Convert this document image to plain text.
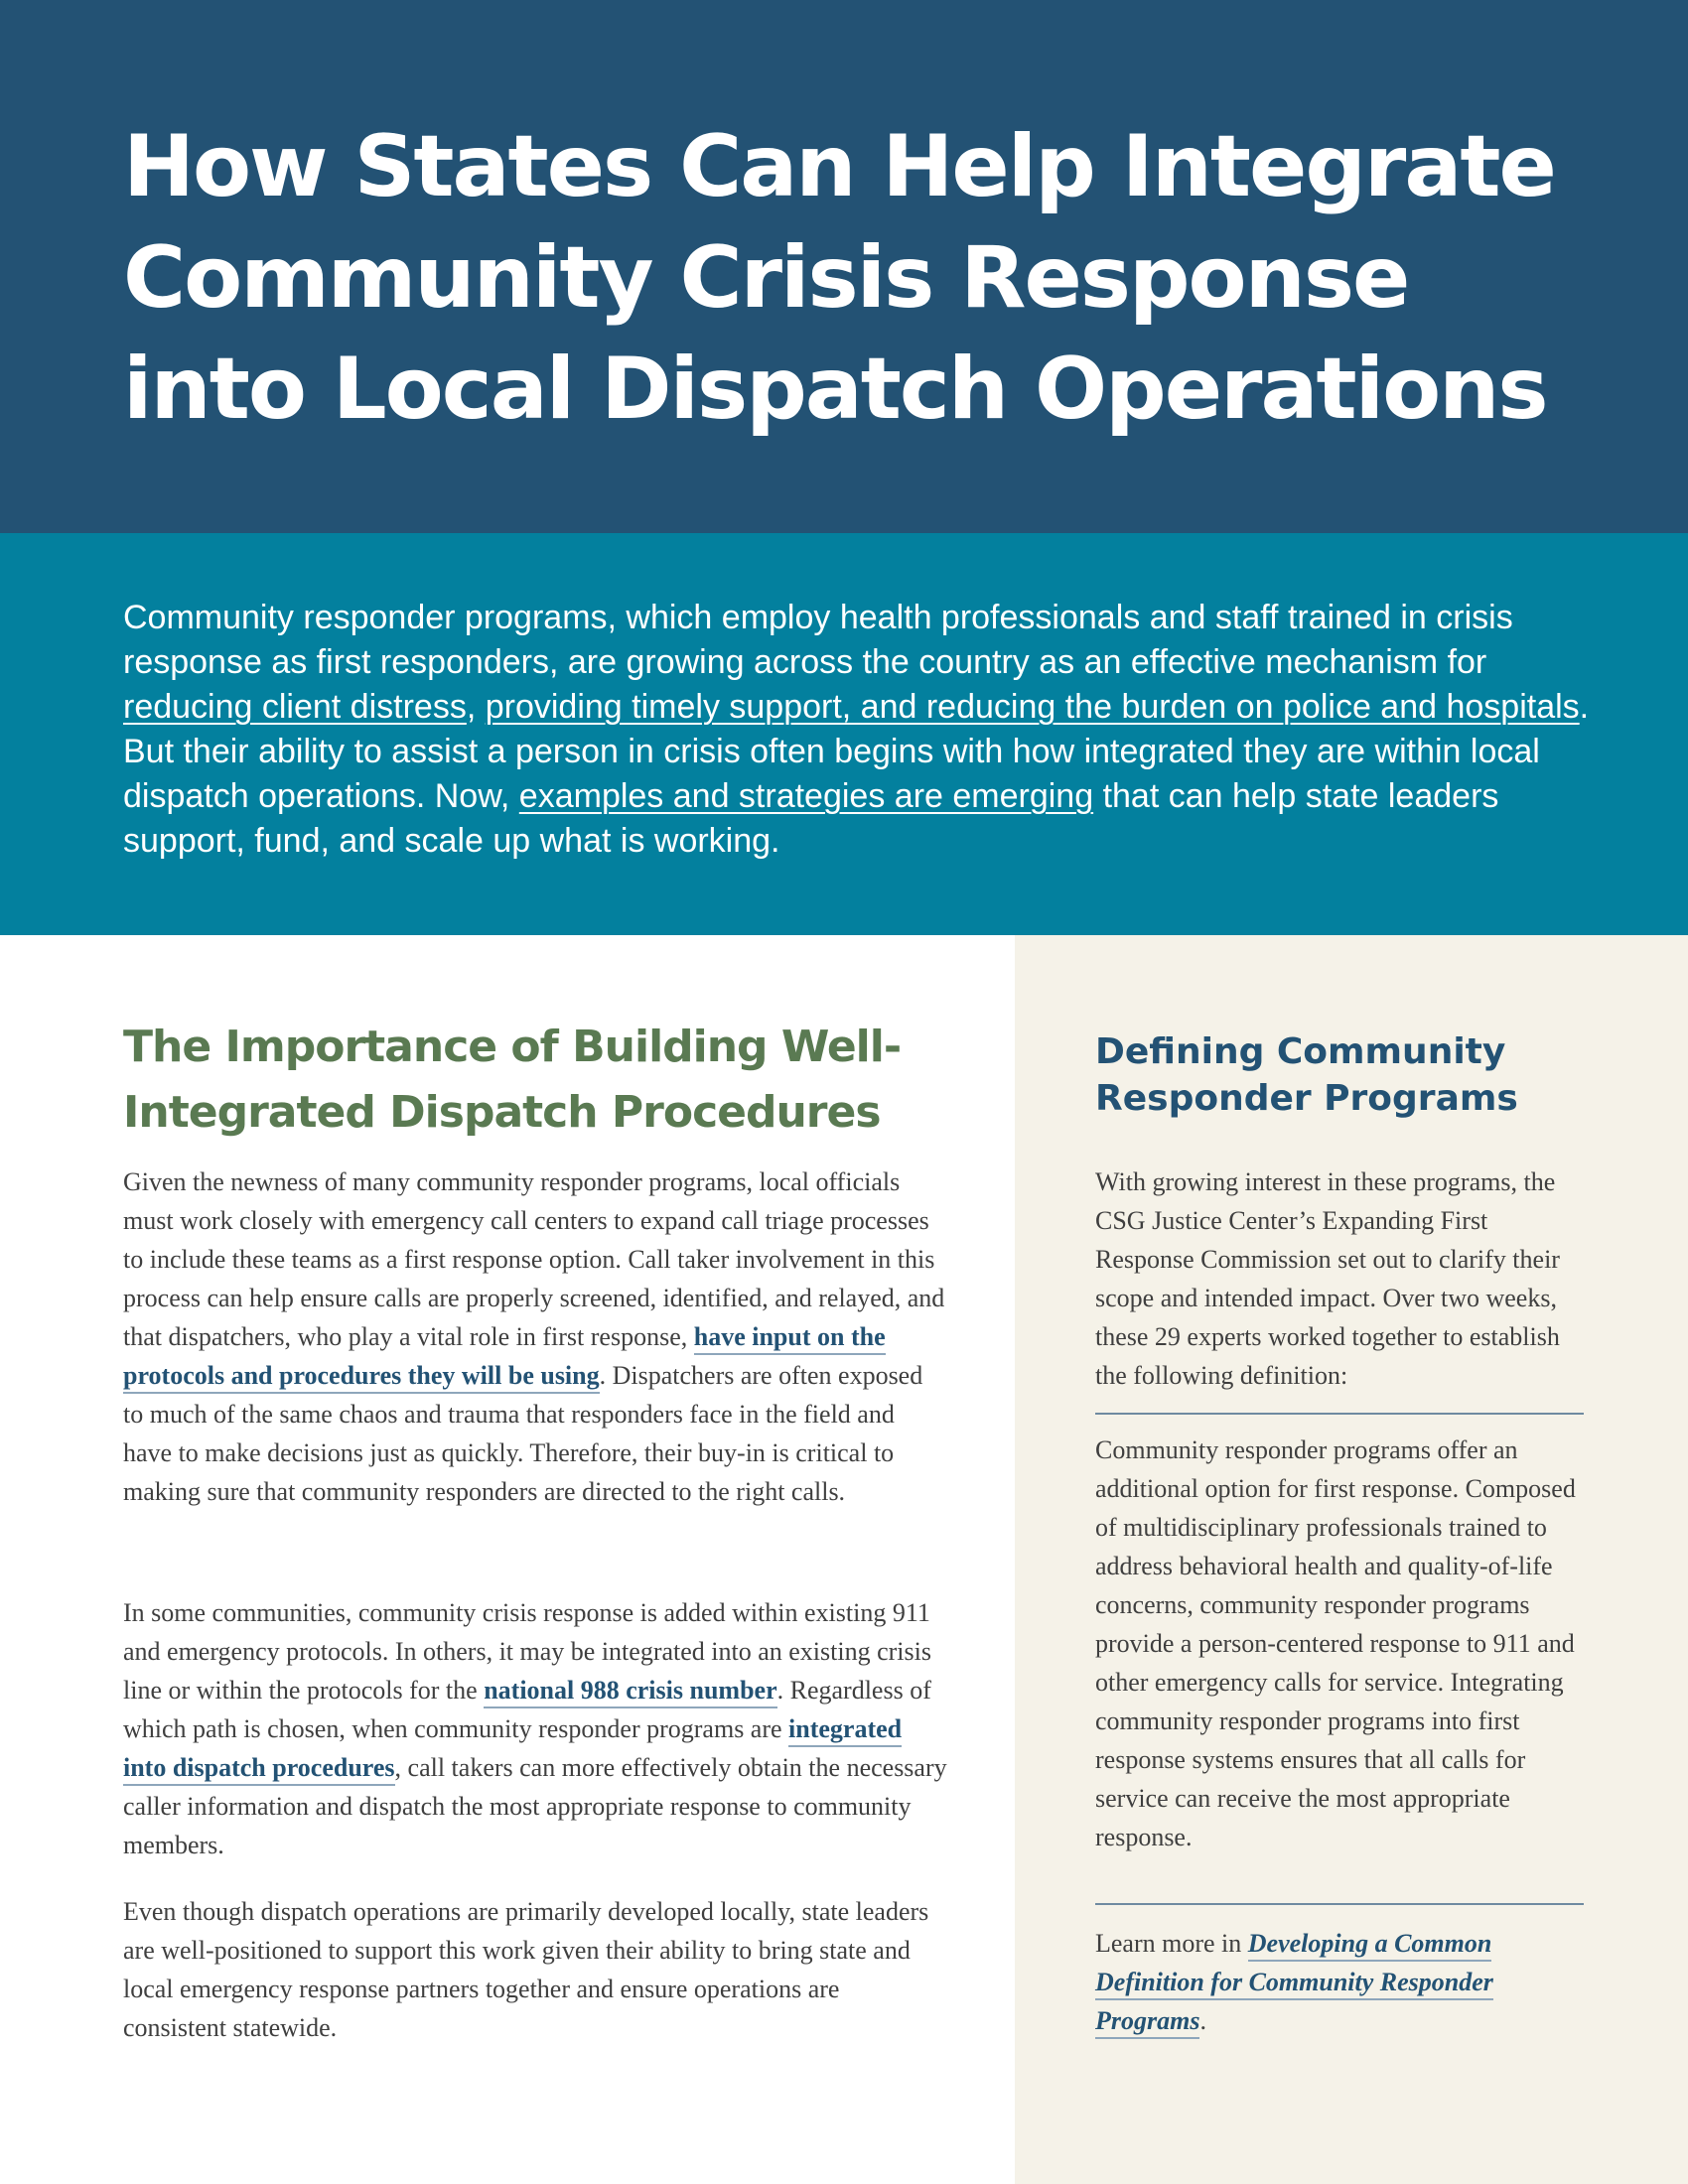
How States Can Help Integrate
Community Crisis Response
into Local Dispatch Operations

Community responder programs, which employ health professionals and staff trained in crisis response as first responders, are growing across the country as an effective mechanism for reducing client distress, providing timely support, and reducing the burden on police and hospitals. But their ability to assist a person in crisis often begins with how integrated they are within local dispatch operations. Now, examples and strategies are emerging that can help state leaders support, fund, and scale up what is working.

The Importance of Building Well-
Integrated Dispatch Procedures

Given the newness of many community responder programs, local officials must work closely with emergency call centers to expand call triage processes to include these teams as a first response option. Call taker involvement in this process can help ensure calls are properly screened, identified, and relayed, and that dispatchers, who play a vital role in first response, have input on the protocols and procedures they will be using. Dispatchers are often exposed to much of the same chaos and trauma that responders face in the field and have to make decisions just as quickly. Therefore, their buy-in is critical to making sure that community responders are directed to the right calls.

In some communities, community crisis response is added within existing 911 and emergency protocols. In others, it may be integrated into an existing crisis line or within the protocols for the national 988 crisis number. Regardless of which path is chosen, when community responder programs are integrated into dispatch procedures, call takers can more effectively obtain the necessary caller information and dispatch the most appropriate response to community members.

Even though dispatch operations are primarily developed locally, state leaders are well-positioned to support this work given their ability to bring state and local emergency response partners together and ensure operations are consistent statewide.

Defining Community
Responder Programs

With growing interest in these programs, the CSG Justice Center’s Expanding First Response Commission set out to clarify their scope and intended impact. Over two weeks, these 29 experts worked together to establish the following definition:

Community responder programs offer an additional option for first response. Composed of multidisciplinary professionals trained to address behavioral health and quality-of-life concerns, community responder programs provide a person-centered response to 911 and other emergency calls for service. Integrating community responder programs into first response systems ensures that all calls for service can receive the most appropriate response.

Learn more in Developing a Common Definition for Community Responder Programs.
